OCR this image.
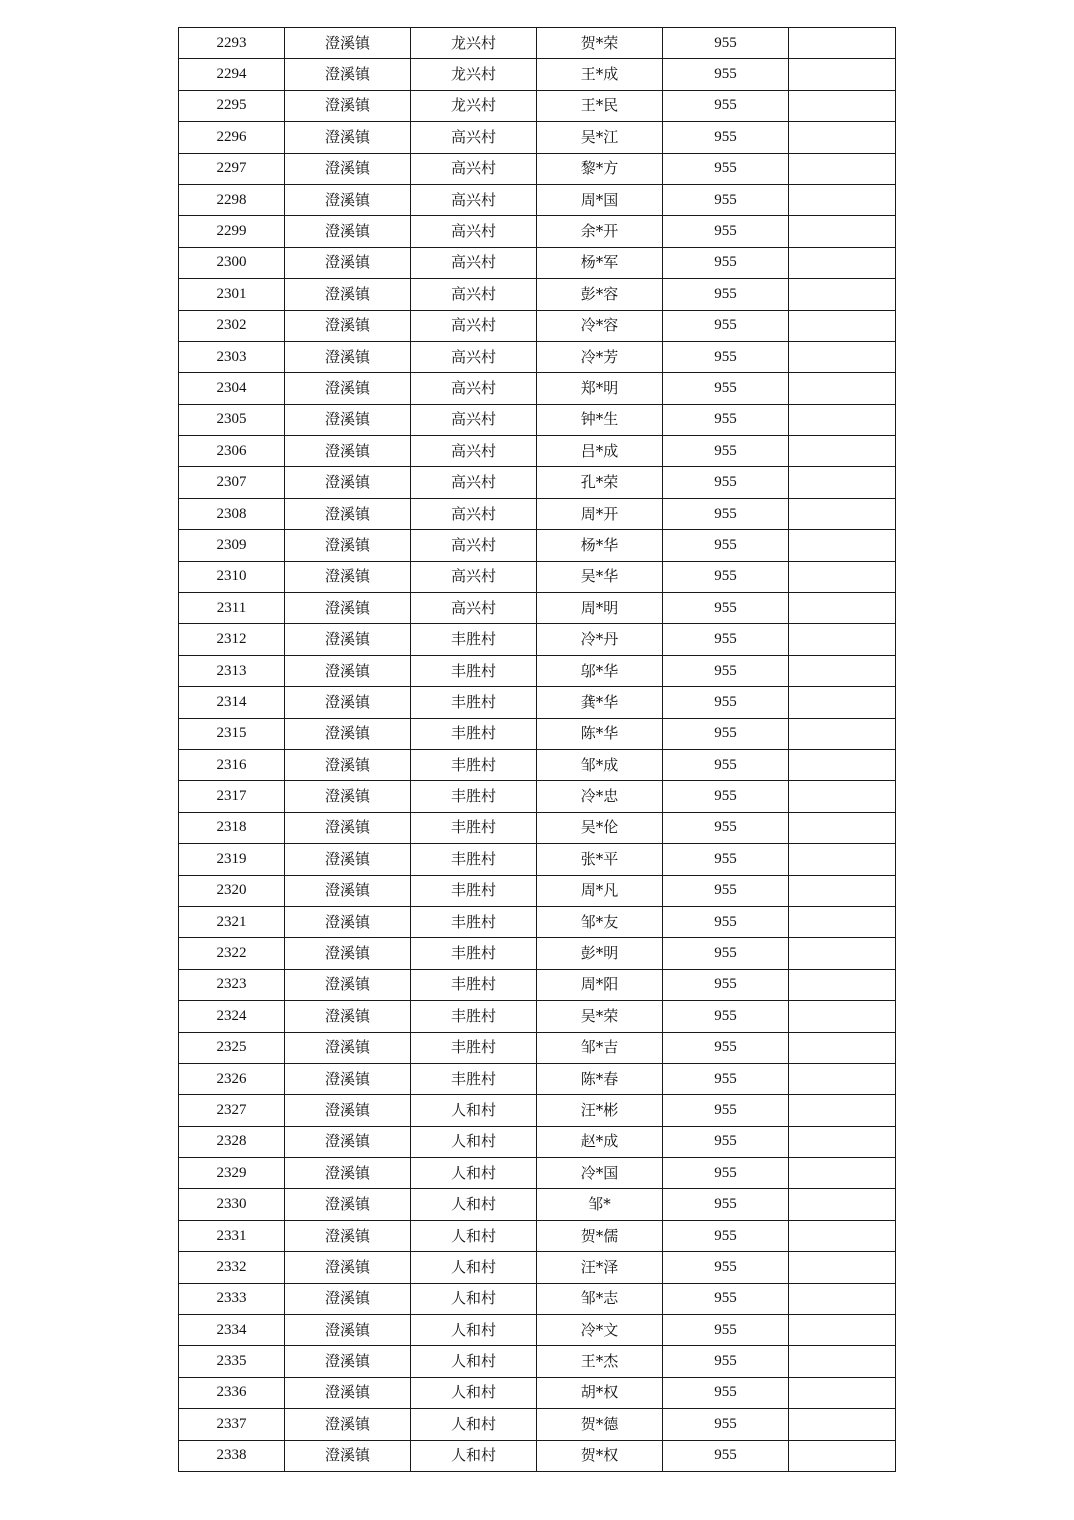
2293	澄溪镇	龙兴村	贺*荣	955	
2294	澄溪镇	龙兴村	王*成	955	
2295	澄溪镇	龙兴村	王*民	955	
2296	澄溪镇	高兴村	吴*江	955	
2297	澄溪镇	高兴村	黎*方	955	
2298	澄溪镇	高兴村	周*国	955	
2299	澄溪镇	高兴村	余*开	955	
2300	澄溪镇	高兴村	杨*军	955	
2301	澄溪镇	高兴村	彭*容	955	
2302	澄溪镇	高兴村	冷*容	955	
2303	澄溪镇	高兴村	冷*芳	955	
2304	澄溪镇	高兴村	郑*明	955	
2305	澄溪镇	高兴村	钟*生	955	
2306	澄溪镇	高兴村	吕*成	955	
2307	澄溪镇	高兴村	孔*荣	955	
2308	澄溪镇	高兴村	周*开	955	
2309	澄溪镇	高兴村	杨*华	955	
2310	澄溪镇	高兴村	吴*华	955	
2311	澄溪镇	高兴村	周*明	955	
2312	澄溪镇	丰胜村	冷*丹	955	
2313	澄溪镇	丰胜村	邬*华	955	
2314	澄溪镇	丰胜村	龚*华	955	
2315	澄溪镇	丰胜村	陈*华	955	
2316	澄溪镇	丰胜村	邹*成	955	
2317	澄溪镇	丰胜村	冷*忠	955	
2318	澄溪镇	丰胜村	吴*伦	955	
2319	澄溪镇	丰胜村	张*平	955	
2320	澄溪镇	丰胜村	周*凡	955	
2321	澄溪镇	丰胜村	邹*友	955	
2322	澄溪镇	丰胜村	彭*明	955	
2323	澄溪镇	丰胜村	周*阳	955	
2324	澄溪镇	丰胜村	吴*荣	955	
2325	澄溪镇	丰胜村	邹*吉	955	
2326	澄溪镇	丰胜村	陈*春	955	
2327	澄溪镇	人和村	汪*彬	955	
2328	澄溪镇	人和村	赵*成	955	
2329	澄溪镇	人和村	冷*国	955	
2330	澄溪镇	人和村	邹*	955	
2331	澄溪镇	人和村	贺*儒	955	
2332	澄溪镇	人和村	汪*泽	955	
2333	澄溪镇	人和村	邹*志	955	
2334	澄溪镇	人和村	冷*文	955	
2335	澄溪镇	人和村	王*杰	955	
2336	澄溪镇	人和村	胡*权	955	
2337	澄溪镇	人和村	贺*德	955	
2338	澄溪镇	人和村	贺*权	955	
